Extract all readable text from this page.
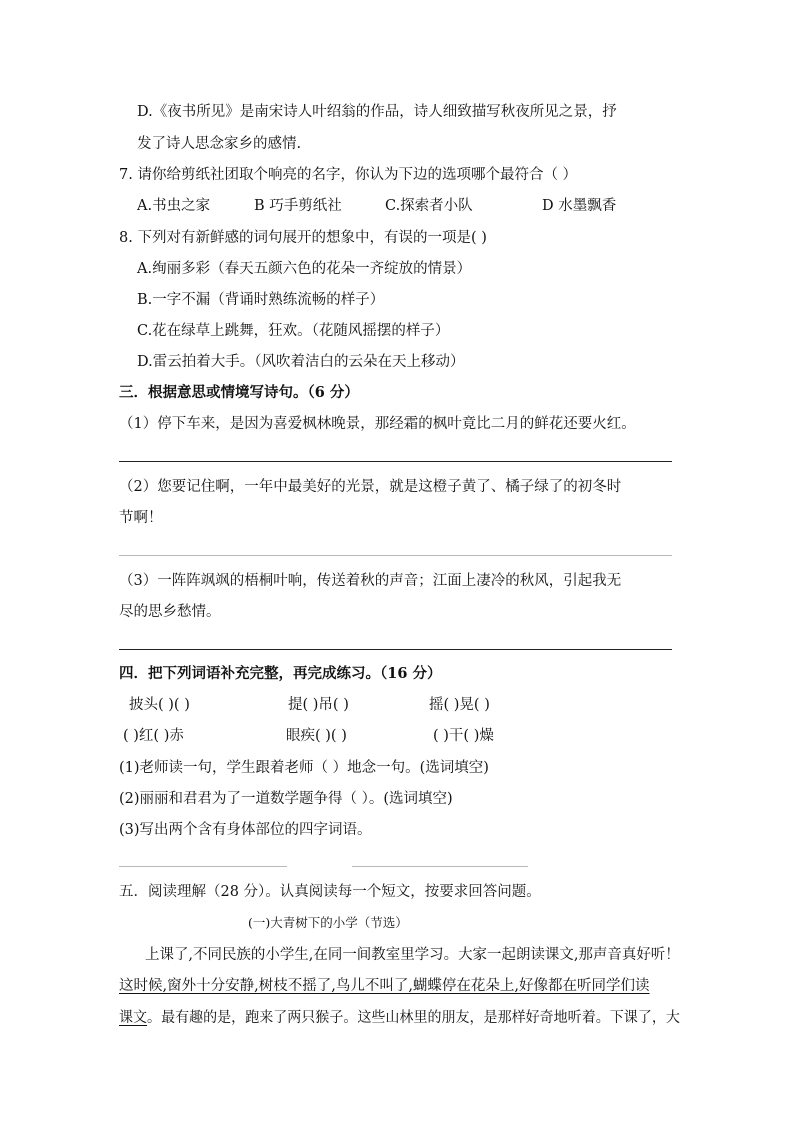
D.《夜书所见》是南宋诗人叶绍翁的作品，诗人细致描写秋夜所见之景，抒
发了诗人思念家乡的感情.
7. 请你给剪纸社团取个响亮的名字，你认为下边的选项哪个最符合（ ）
A.书虫之家	B 巧手剪纸社	C.探索者小队	D 水墨飘香
8. 下列对有新鲜感的词句展开的想象中，有误的一项是( )
A.绚丽多彩（春天五颜六色的花朵一齐绽放的情景）
B.一字不漏（背诵时熟练流畅的样子）
C.花在绿草上跳舞，狂欢。（花随风摇摆的样子）
D.雷云拍着大手。（风吹着洁白的云朵在天上移动）
三．根据意思或情境写诗句。（6 分）
（1）停下车来，是因为喜爱枫林晚景，那经霜的枫叶竟比二月的鲜花还要火红。
（2）您要记住啊，一年中最美好的光景，就是这橙子黄了、橘子绿了的初冬时
节啊！
（3）一阵阵飒飒的梧桐叶响，传送着秋的声音；江面上凄冷的秋风，引起我无
尽的思乡愁情。
四．把下列词语补充完整，再完成练习。（16 分）
披头( )( )	提( )吊( )	摇( )晃( )
( )红( )赤	眼疾( )( )	( )干( )燥
(1)老师读一句，学生跟着老师（ ）地念一句。(选词填空)
(2)丽丽和君君为了一道数学题争得（ ）。(选词填空)
(3)写出两个含有身体部位的四字词语。
五．阅读理解（28 分）。认真阅读每一个短文，按要求回答问题。
(一)大青树下的小学（节选）
上课了,不同民族的小学生,在同一间教室里学习。大家一起朗读课文,那声音真好听！
这时候,窗外十分安静,树枝不摇了,鸟儿不叫了,蝴蝶停在花朵上,好像都在听同学们读
课文。最有趣的是，跑来了两只猴子。这些山林里的朋友，是那样好奇地听着。下课了，大
